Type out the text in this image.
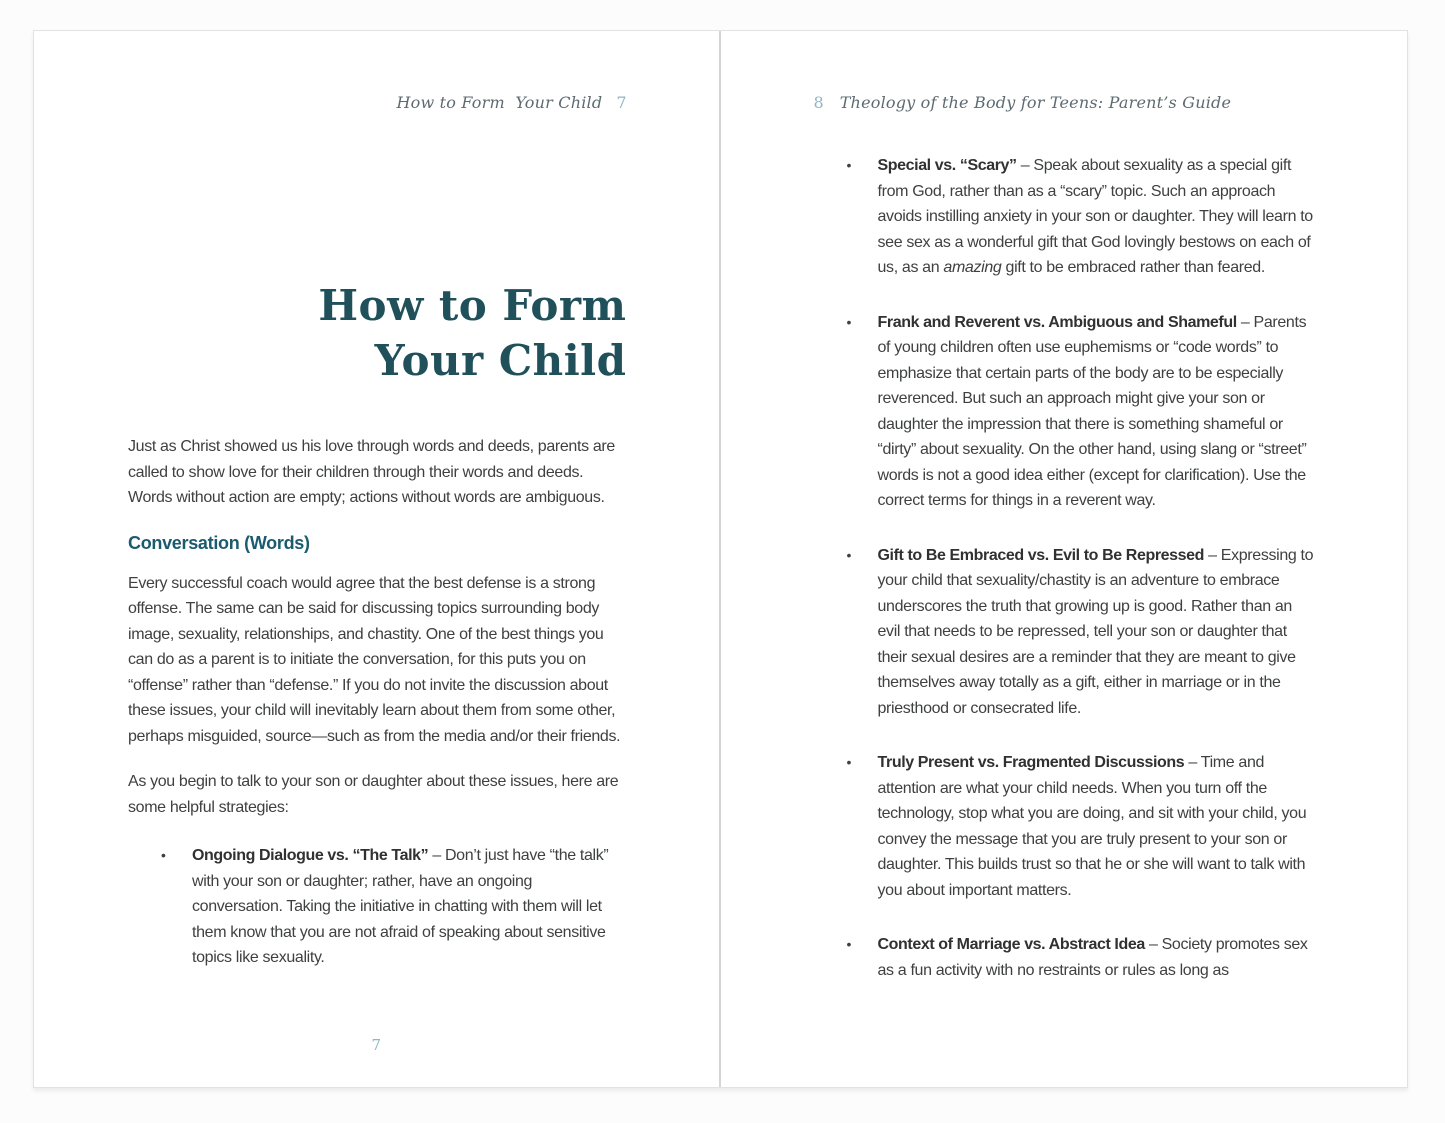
How to Form  Your Child 7
How to Form
Your Child

Just as Christ showed us his love through words and deeds, parents are called to show love for their children through their words and deeds. Words without action are empty; actions without words are ambiguous.

Conversation (Words)

Every successful coach would agree that the best defense is a strong offense. The same can be said for discussing topics surrounding body image, sexuality, relationships, and chastity. One of the best things you can do as a parent is to initiate the conversation, for this puts you on “offense” rather than “defense.” If you do not invite the discussion about these issues, your child will inevitably learn about them from some other, perhaps misguided, source—such as from the media and/or their friends.

As you begin to talk to your son or daughter about these issues, here are some helpful strategies:

• Ongoing Dialogue vs. “The Talk” – Don’t just have “the talk” with your son or daughter; rather, have an ongoing conversation. Taking the initiative in chatting with them will let them know that you are not afraid of speaking about sensitive topics like sexuality.
7
8 Theology of the Body for Teens: Parent’s Guide
• Special vs. “Scary” – Speak about sexuality as a special gift from God, rather than as a “scary” topic. Such an approach avoids instilling anxiety in your son or daughter. They will learn to see sex as a wonderful gift that God lovingly bestows on each of us, as an amazing gift to be embraced rather than feared.
• Frank and Reverent vs. Ambiguous and Shameful – Parents of young children often use euphemisms or “code words” to emphasize that certain parts of the body are to be especially reverenced. But such an approach might give your son or daughter the impression that there is something shameful or “dirty” about sexuality. On the other hand, using slang or “street” words is not a good idea either (except for clarification). Use the correct terms for things in a reverent way.
• Gift to Be Embraced vs. Evil to Be Repressed – Expressing to your child that sexuality/chastity is an adventure to embrace underscores the truth that growing up is good. Rather than an evil that needs to be repressed, tell your son or daughter that their sexual desires are a reminder that they are meant to give themselves away totally as a gift, either in marriage or in the priesthood or consecrated life.
• Truly Present vs. Fragmented Discussions – Time and attention are what your child needs. When you turn off the technology, stop what you are doing, and sit with your child, you convey the message that you are truly present to your son or daughter. This builds trust so that he or she will want to talk with you about important matters.
• Context of Marriage vs. Abstract Idea – Society promotes sex as a fun activity with no restraints or rules as long as
